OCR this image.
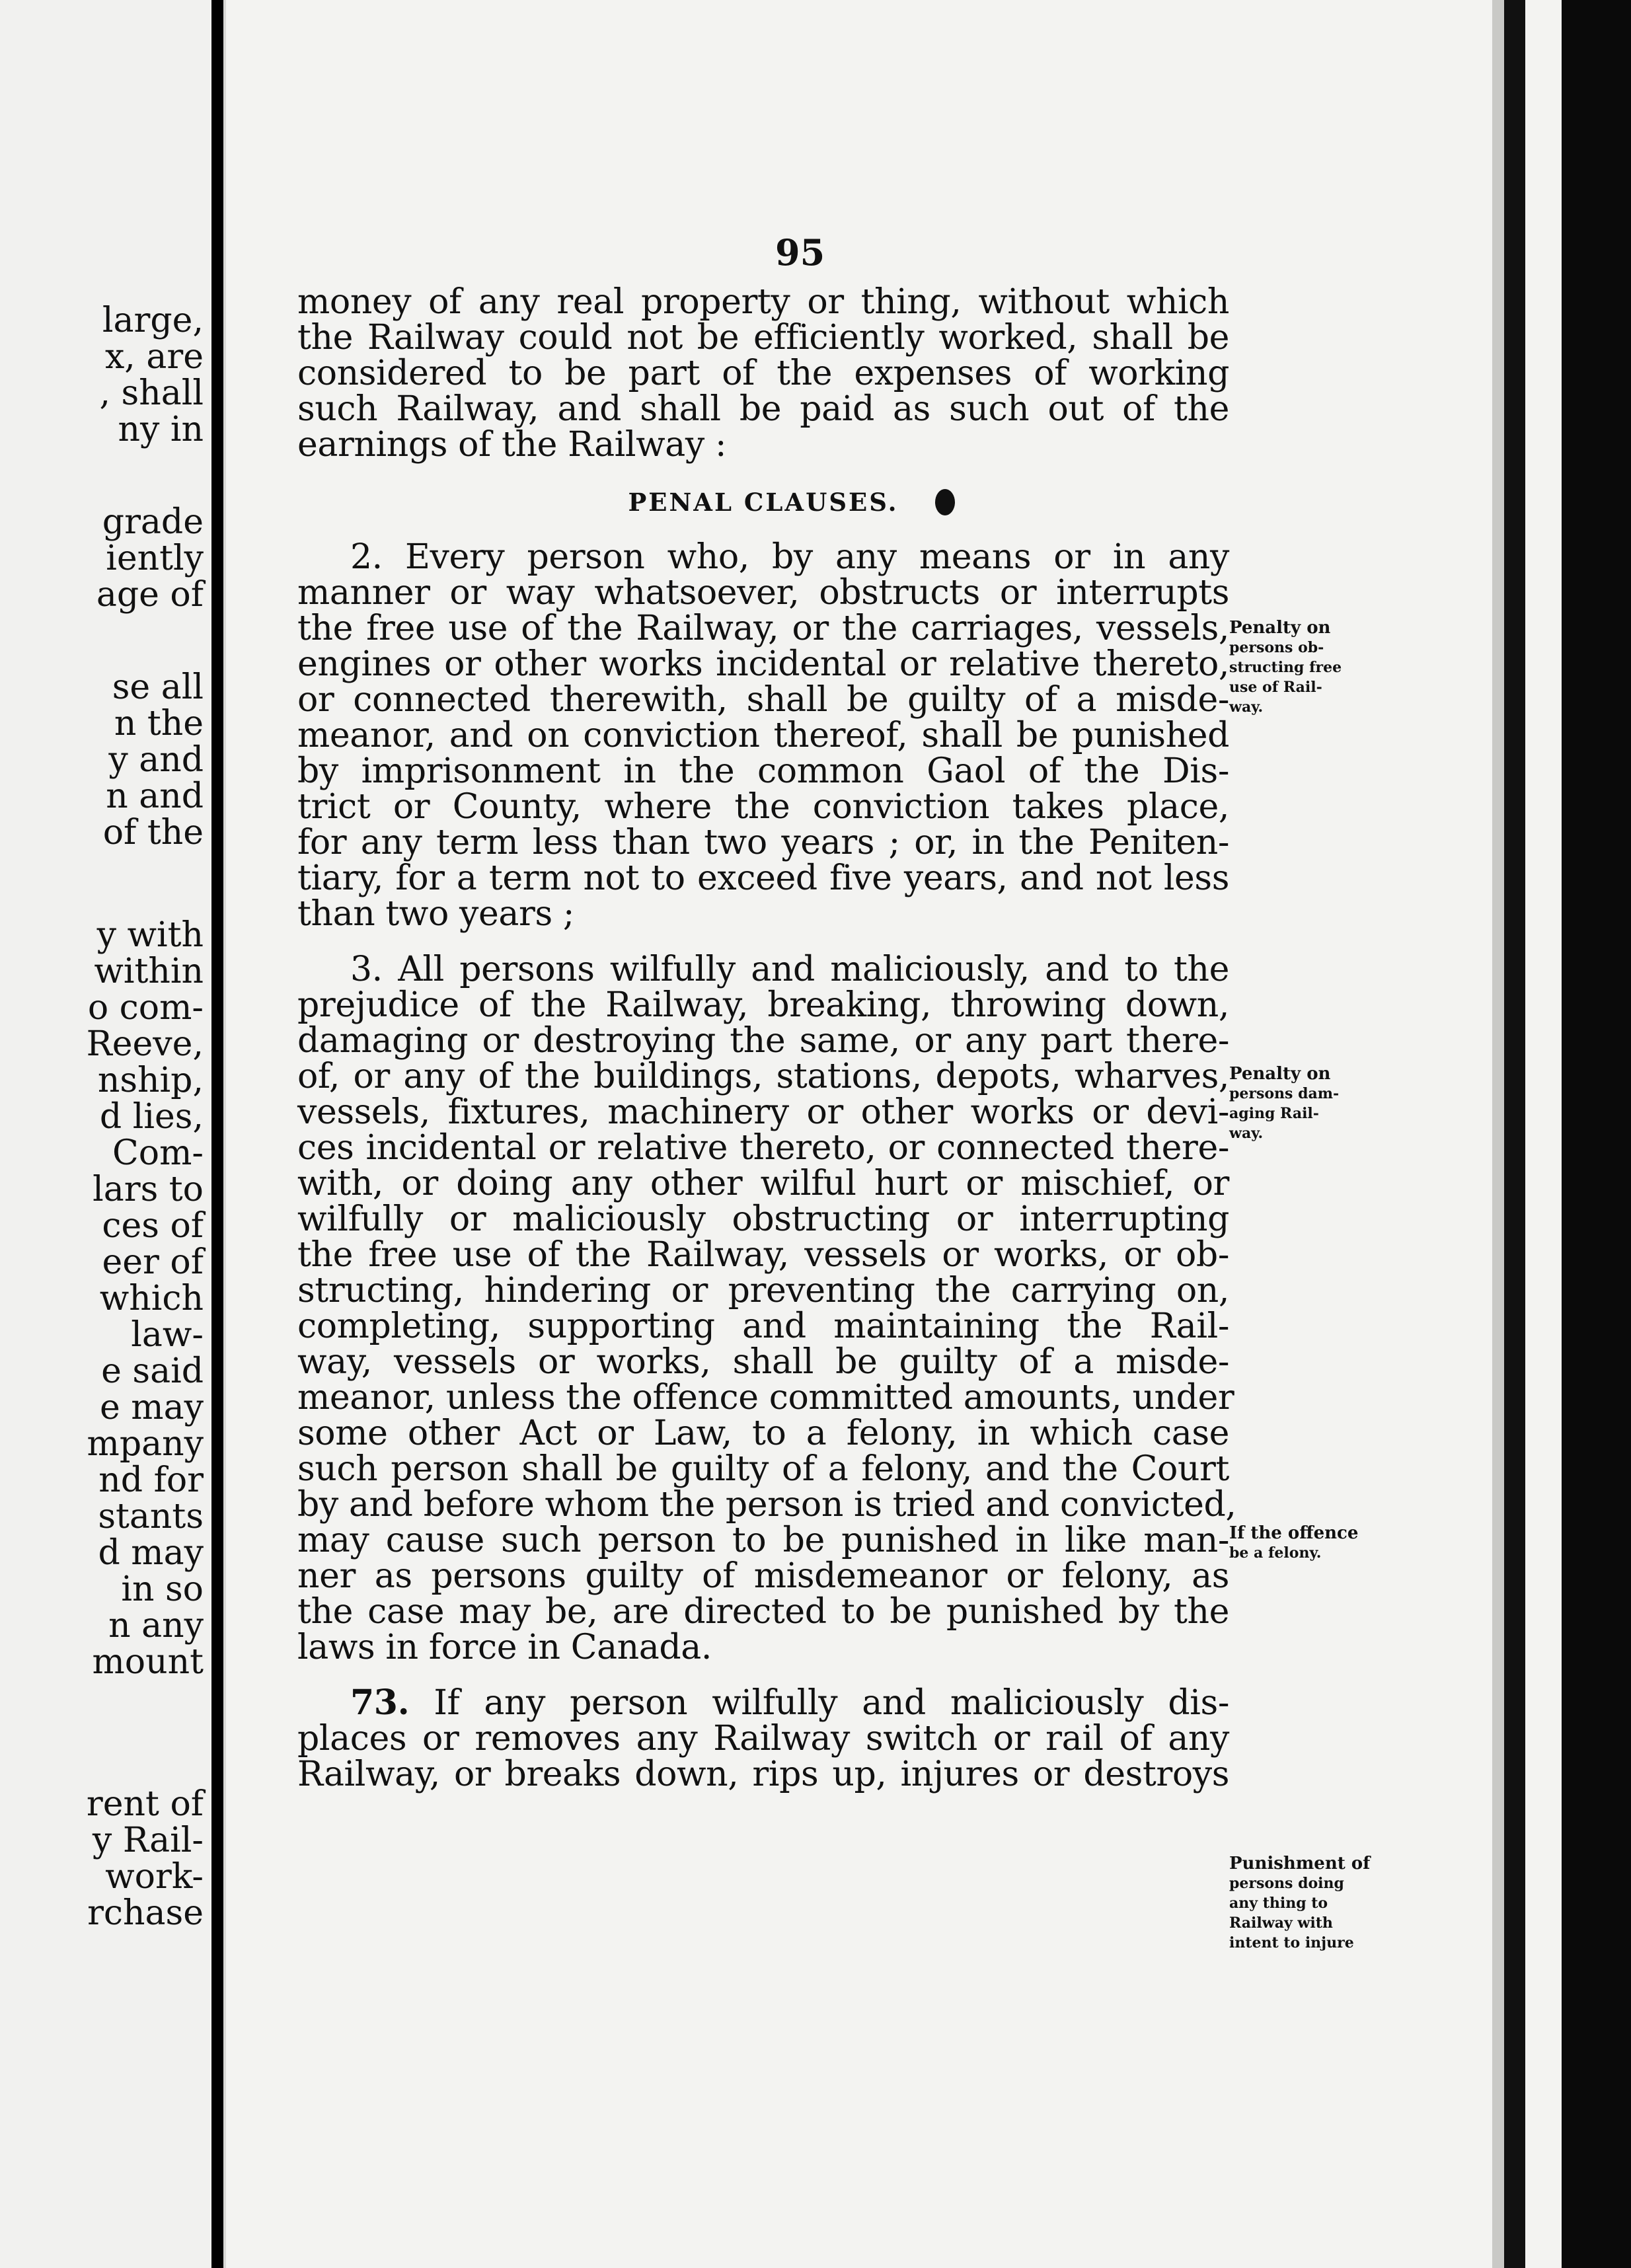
large,
x, are
, shall
ny in
grade
iently
age of
se all
n the
y and
n and
of the
y with
within
o com-
Reeve,
nship,
d lies,
Com-
lars to
ces of
eer of
which
law-
e said
e may
mpany
nd for
stants
d may
in so
n any
mount
rent of
y Rail-
work-
rchase
95
money of any real property or thing, without which
the Railway could not be efficiently worked, shall be
considered to be part of the expenses of working
such Railway, and shall be paid as such out of the
earnings of the Railway :
PENAL CLAUSES.
2. Every person who, by any means or in any
manner or way whatsoever, obstructs or interrupts
the free use of the Railway, or the carriages, vessels,
engines or other works incidental or relative thereto,
or connected therewith, shall be guilty of a misde-
meanor, and on conviction thereof, shall be punished
by imprisonment in the common Gaol of the Dis-
trict or County, where the conviction takes place,
for any term less than two years ; or, in the Peniten-
tiary, for a term not to exceed five years, and not less
than two years ;
3. All persons wilfully and maliciously, and to the
prejudice of the Railway, breaking, throwing down,
damaging or destroying the same, or any part there-
of, or any of the buildings, stations, depots, wharves,
vessels, fixtures, machinery or other works or devi-
ces incidental or relative thereto, or connected there-
with, or doing any other wilful hurt or mischief, or
wilfully or maliciously obstructing or interrupting
the free use of the Railway, vessels or works, or ob-
structing, hindering or preventing the carrying on,
completing, supporting and maintaining the Rail-
way, vessels or works, shall be guilty of a misde-
meanor, unless the offence committed amounts, under
some other Act or Law, to a felony, in which case
such person shall be guilty of a felony, and the Court
by and before whom the person is tried and convicted,
may cause such person to be punished in like man-
ner as persons guilty of misdemeanor or felony, as
the case may be, are directed to be punished by the
laws in force in Canada.
73. If any person wilfully and maliciously dis-
places or removes any Railway switch or rail of any
Railway, or breaks down, rips up, injures or destroys
Penalty on
persons ob-
structing free
use of Rail-
way.
Penalty on
persons dam-
aging Rail-
way.
If the offence
be a felony.
Punishment of
persons doing
any thing to
Railway with
intent to injure
